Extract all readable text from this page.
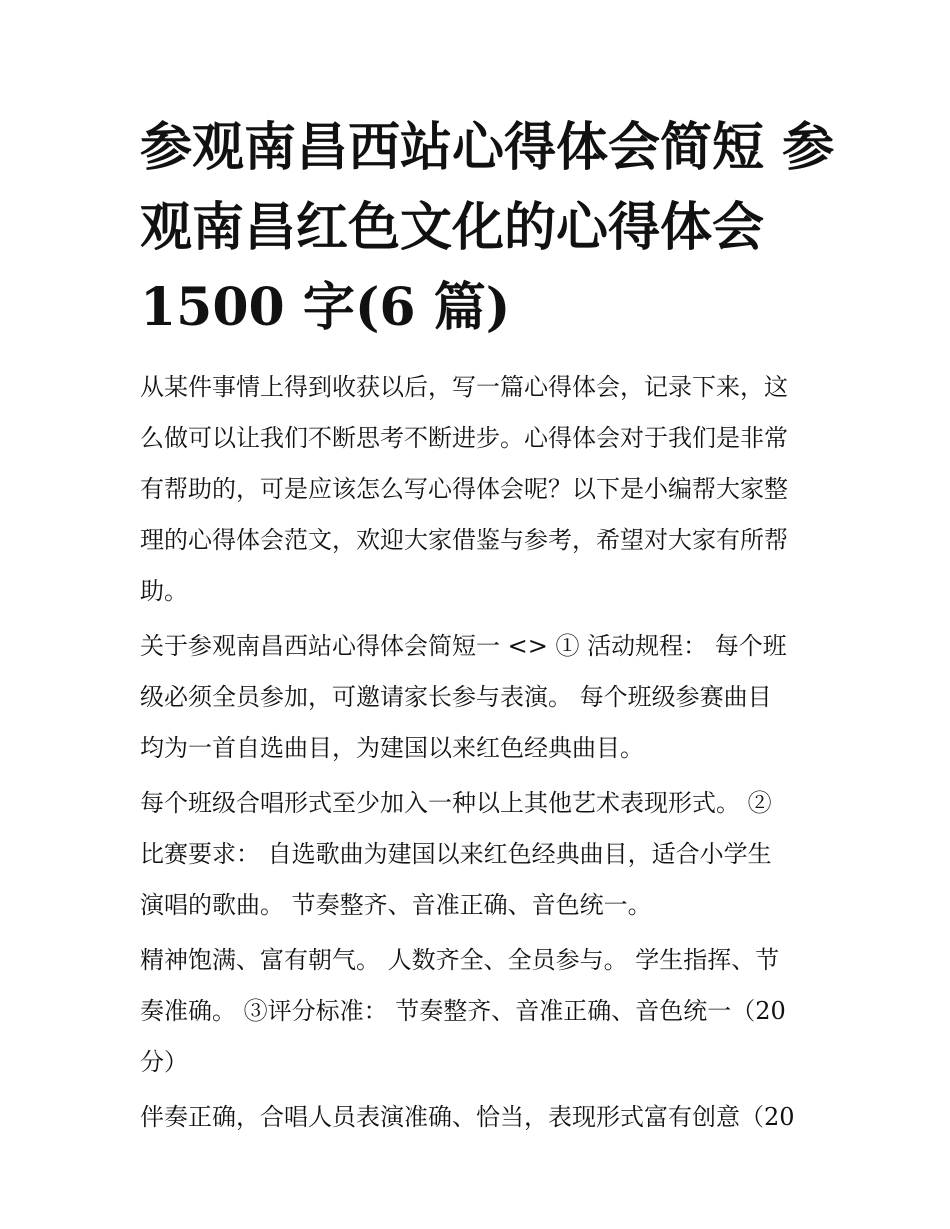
参观南昌西站心得体会简短 参
观南昌红色文化的心得体会
1500 字(6 篇)
从某件事情上得到收获以后，写一篇心得体会，记录下来，这
么做可以让我们不断思考不断进步。心得体会对于我们是非常
有帮助的，可是应该怎么写心得体会呢？以下是小编帮大家整
理的心得体会范文，欢迎大家借鉴与参考，希望对大家有所帮
助。
关于参观南昌西站心得体会简短一 <> ① 活动规程： 每个班
级必须全员参加，可邀请家长参与表演。 每个班级参赛曲目
均为一首自选曲目，为建国以来红色经典曲目。
每个班级合唱形式至少加入一种以上其他艺术表现形式。 ②
比赛要求： 自选歌曲为建国以来红色经典曲目，适合小学生
演唱的歌曲。 节奏整齐、音准正确、音色统一。
精神饱满、富有朝气。 人数齐全、全员参与。 学生指挥、节
奏准确。 ③评分标准： 节奏整齐、音准正确、音色统一（20
分）
伴奏正确，合唱人员表演准确、恰当，表现形式富有创意（20
